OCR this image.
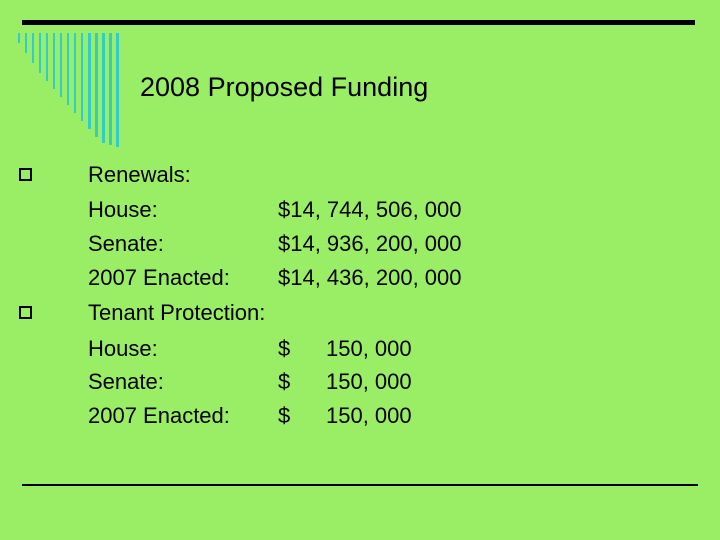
2008 Proposed Funding
Renewals:
House:	$14, 744, 506, 000
Senate:	$14, 936, 200, 000
2007 Enacted: $14, 436, 200, 000
Tenant Protection:
House:	$ 150, 000
Senate:	$ 150, 000
2007 Enacted: $ 150, 000
